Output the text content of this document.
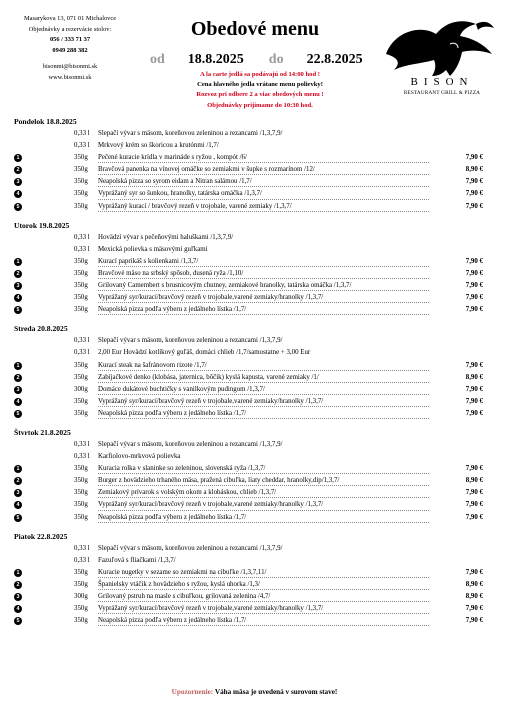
Masarykova 13, 071 01 Michalovce
Objednávky a rezervácie stolov:
056 / 333 71 37
0949 288 382
bisonmi@bisonmi.sk
www.bisonmi.sk
Obedové menu
od 18.8.2025 do 22.8.2025
A la carte jedlá sa podávajú od 14:00 hod !
Cena hlavného jedla vrátane menu polievky!
Rozvoz pri odbere 2 a viac obedových menu !
Objednávky prijímame do 10:30 hod.
BISON
RESTAURANT GRILL & PIZZA
Pondelok 18.8.2025
0,33 l Slepačí vývar s mäsom, koreňovou zeleninou a rezancami /1,3,7,9/
0,33 l Mrkvový krém so škoricou a krutónmi /1,7/
1	350g Pečené kuracie krídla v marináde s ryžou , kompót /6/	7,90 €
2	350g Bravčová panenka na vínovej omáčke so zemiakmi v šupke s rozmarínom /12/	8,90 €
3	350g Neapolská pizza so syrom eidam a Nitran salámou /1,7/	7,90 €
4	350g Vyprážaný syr so šunkou, hranolky, tatárska omáčka /1,3,7/	7,90 €
5	350g Vyprážaný kurací / bravčový rezeň v trojobale, varené zemiaky /1,3,7/	7,90 €
Utorok 19.8.2025
0,33 l Hovädzí vývar s pečeňovými haluškami /1,3,7,9/
0,33 l Mexická polievka s mäsovými guľkami
1	350g Kurací paprikáš s kolienkami /1,3,7/	7,90 €
2	350g Bravčové mäso na srbský spôsob, dusená ryža /1,10/	7,90 €
3	350g Grilovaný Camembert s brusnicovým chutney, zemiakové hranolky, tatárska omáčka /1,3,7/	7,90 €
4	350g Vyprážaný syr/kurací/bravčový rezeň v trojobale,varené zemiaky/hranolky /1,3,7/	7,90 €
5	350g Neapolská pizza podľa výberu z jedálneho lístka /1,7/	7,90 €
Streda 20.8.2025
0,33 l Slepačí vývar s mäsom, koreňovou zeleninou a rezancami /1,3,7,9/
0,33 l 2,00 Eur Hovädzí kotlíkový guľáš, domáci chlieb /1,7/samostatne + 3,00 Eur
1	350g Kurací steak na šafránovom rizote /1,7/	7,90 €
2	350g Zabíjačkové denko (klobása, jaternica, bôčik) kyslá kapusta, varené zemiaky /1/	8,90 €
3	300g Domáce dukátové buchtičky s vanilkovým pudingom /1,3,7/	7,90 €
4	350g Vyprážaný syr/kurací/bravčový rezeň v trojobale,varené zemiaky/hranolky /1,3,7/	7,90 €
5	350g Neapolská pizza podľa výberu z jedálneho lístka /1,7/	7,90 €
Štvrtok 21.8.2025
0,33 l Slepačí vývar s mäsom, koreňovou zeleninou a rezancami /1,3,7,9/
0,33 l Karfiolovo-mrkvová polievka
1	350g Kuracia rolka v slaninke so zeleninou, slovenská ryža /1,3,7/	7,90 €
2	350g Burger z hovädzieho trhaného mäsa, pražená cibuľka, liaty cheddar, hranolky,dip/1,3,7/	8,90 €
3	350g Zemiakový prívarok s volským okom a klobáskou, chlieb /1,3,7/	7,90 €
4	350g Vyprážaný syr/kurací/bravčový rezeň v trojobale,varené zemiaky/hranolky /1,3,7/	7,90 €
5	350g Neapolská pizza podľa výberu z jedálneho lístka /1,7/	7,90 €
Piatok 22.8.2025
0,33 l Slepačí vývar s mäsom, koreňovou zeleninou a rezancami /1,3,7,9/
0,33 l Fazuľová s fliačkami /1,3,7/
1	350g Kuracie nugetky v sezame so zemiakmi na cibuľke /1,3,7,11/	7,90 €
2	350g Španielsky vtáčik z hovädzieho s ryžou, kyslá uhorka /1,3/	8,90 €
3	300g Grilovaný pstruh na masle s cibuľkou, grilovaná zelenina /4,7/	8,90 €
4	350g Vyprážaný syr/kurací/bravčový rezeň v trojobale,varené zemiaky/hranolky /1,3,7/	7,90 €
5	350g Neapolská pizza podľa výberu z jedálneho lístka /1,7/	7,90 €
Upozornenie: Váha mäsa je uvedená v surovom stave!
